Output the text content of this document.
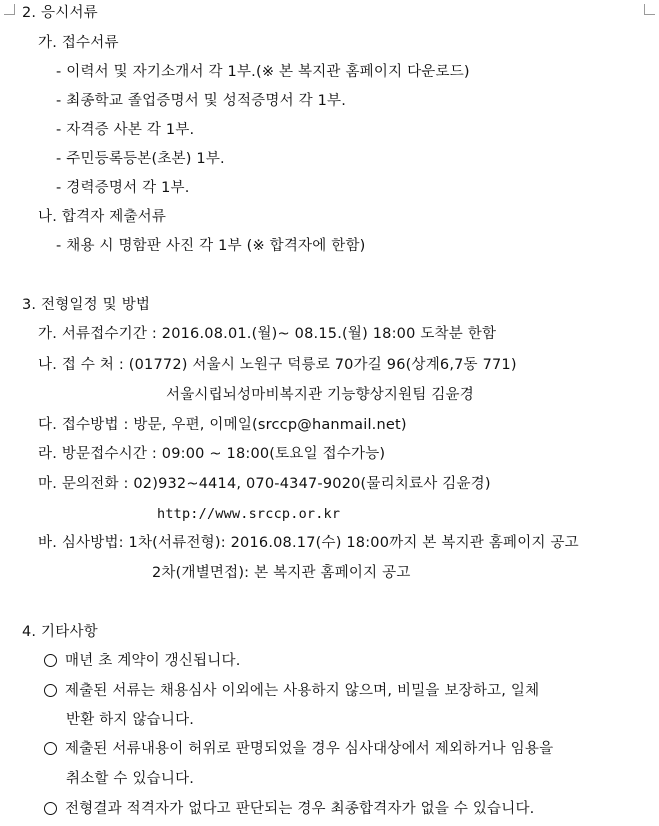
2. 응시서류
가. 접수서류
- 이력서 및 자기소개서 각 1부.(※ 본 복지관 홈페이지 다운로드)
- 최종학교 졸업증명서 및 성적증명서 각 1부.
- 자격증 사본 각 1부.
- 주민등록등본(초본) 1부.
- 경력증명서 각 1부.
나. 합격자 제출서류
- 채용 시 명함판 사진 각 1부 (※ 합격자에 한함)
3. 전형일정 및 방법
가. 서류접수기간 : 2016.08.01.(월)~ 08.15.(월) 18:00 도착분 한함
나. 접 수 처 : (01772) 서울시 노원구 덕릉로 70가길 96(상계6,7동 771)
서울시립뇌성마비복지관 기능향상지원팀 김윤경
다. 접수방법 : 방문, 우편, 이메일(srccp@hanmail.net)
라. 방문접수시간 : 09:00 ~ 18:00(토요일 접수가능)
마. 문의전화 : 02)932~4414, 070-4347-9020(물리치료사 김윤경)
http://www.srccp.or.kr
바. 심사방법: 1차(서류전형): 2016.08.17(수) 18:00까지 본 복지관 홈페이지 공고
2차(개별면접): 본 복지관 홈페이지 공고
4. 기타사항
매년 초 계약이 갱신됩니다.
제출된 서류는 채용심사 이외에는 사용하지 않으며, 비밀을 보장하고, 일체
반환 하지 않습니다.
제출된 서류내용이 허위로 판명되었을 경우 심사대상에서 제외하거나 임용을
취소할 수 있습니다.
전형결과 적격자가 없다고 판단되는 경우 최종합격자가 없을 수 있습니다.
